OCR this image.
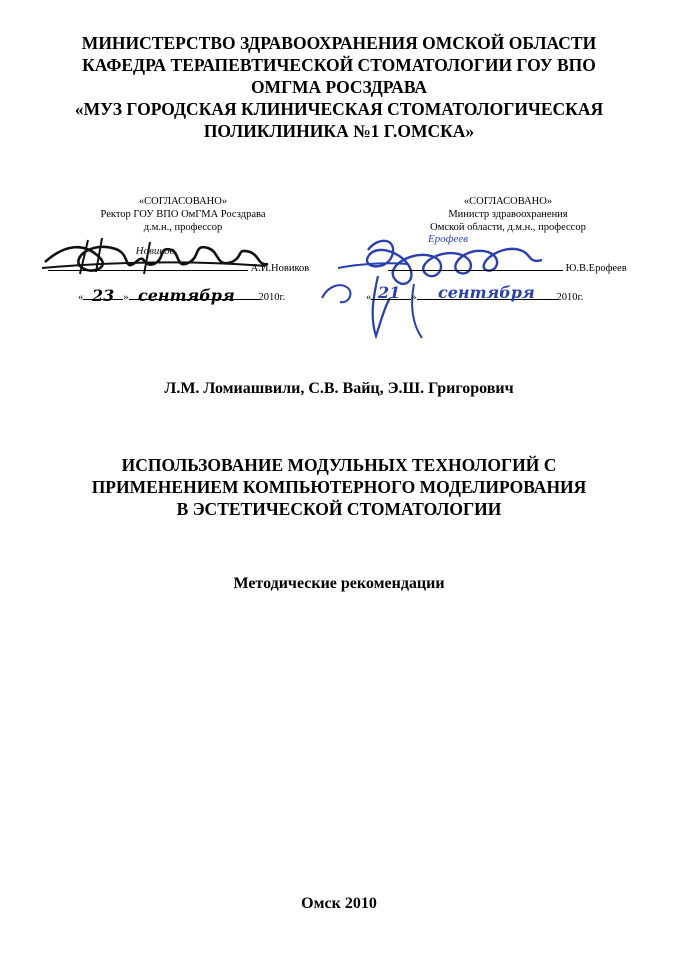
МИНИСТЕРСТВО ЗДРАВООХРАНЕНИЯ ОМСКОЙ ОБЛАСТИ
КАФЕДРА ТЕРАПЕВТИЧЕСКОЙ СТОМАТОЛОГИИ ГОУ ВПО
ОМГМА РОСЗДРАВА
«МУЗ ГОРОДСКАЯ КЛИНИЧЕСКАЯ СТОМАТОЛОГИЧЕСКАЯ
ПОЛИКЛИНИКА №1 Г.ОМСКА»
«СОГЛАСОВАНО»
Ректор ГОУ ВПО ОмГМА Росздрава
д.м.н., профессор
Новиков
А.И.Новиков
«	»	2010г.
23 сентября
«СОГЛАСОВАНО»
Министр здравоохранения
Омской области, д.м.н., профессор
Ерофеев
Ю.В.Ерофеев
«	»	2010г.
21 сентября
Л.М. Ломиашвили, С.В. Вайц, Э.Ш. Григорович
ИСПОЛЬЗОВАНИЕ МОДУЛЬНЫХ ТЕХНОЛОГИЙ С
ПРИМЕНЕНИЕМ КОМПЬЮТЕРНОГО МОДЕЛИРОВАНИЯ
В ЭСТЕТИЧЕСКОЙ СТОМАТОЛОГИИ
Методические рекомендации
Омск 2010
